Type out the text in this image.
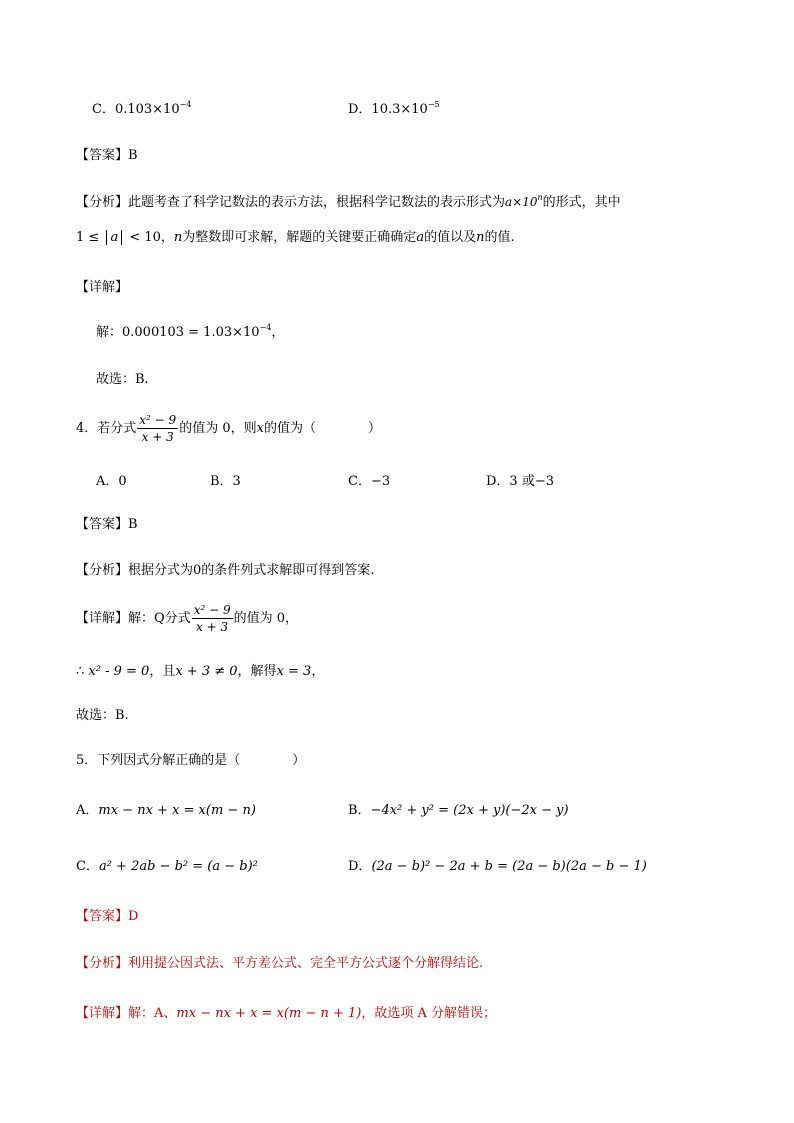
C．$0.103\times 10^{-4}$	D．$10.3\times 10^{-5}$
【答案】B
【分析】此题考查了科学记数法的表示方法，根据科学记数法的表示形式为$a\times 10^n$的形式，其中
1 ≤ a < 10，n为整数即可求解，解题的关键要正确确定a的值以及n的值.
【详解】
解：$0.000103 = 1.03\times 10^{-4}$，
故选：B.
4．若分式 $\frac{\text{x² − 9}}{x + 3}$ 的值为 0，则x的值为（　　　　）
A．0	B．3	C．−3	D．3 或−3
【答案】B
【分析】根据分式为0的条件列式求解即可得到答案.
【详解】解：Q分式 $\frac{\text{x² − 9}}{x + 3}$ 的值为 0，
∴ x² - 9 = 0，且x + 3 ≠ 0，解得x = 3，
故选：B.
5．下列因式分解正确的是（　　　　）
A．mx − nx + x = x(m − n)	B．−4x² + y² = (2x + y)(−2x − y)
C．a² + 2ab − b² = (a − b)²	D．(2a − b)² − 2a + b = (2a − b)(2a − b − 1)
【答案】D
【分析】利用提公因式法、平方差公式、完全平方公式逐个分解得结论.
【详解】解：A、mx − nx + x = x(m − n + 1)，故选项 A 分解错误；
